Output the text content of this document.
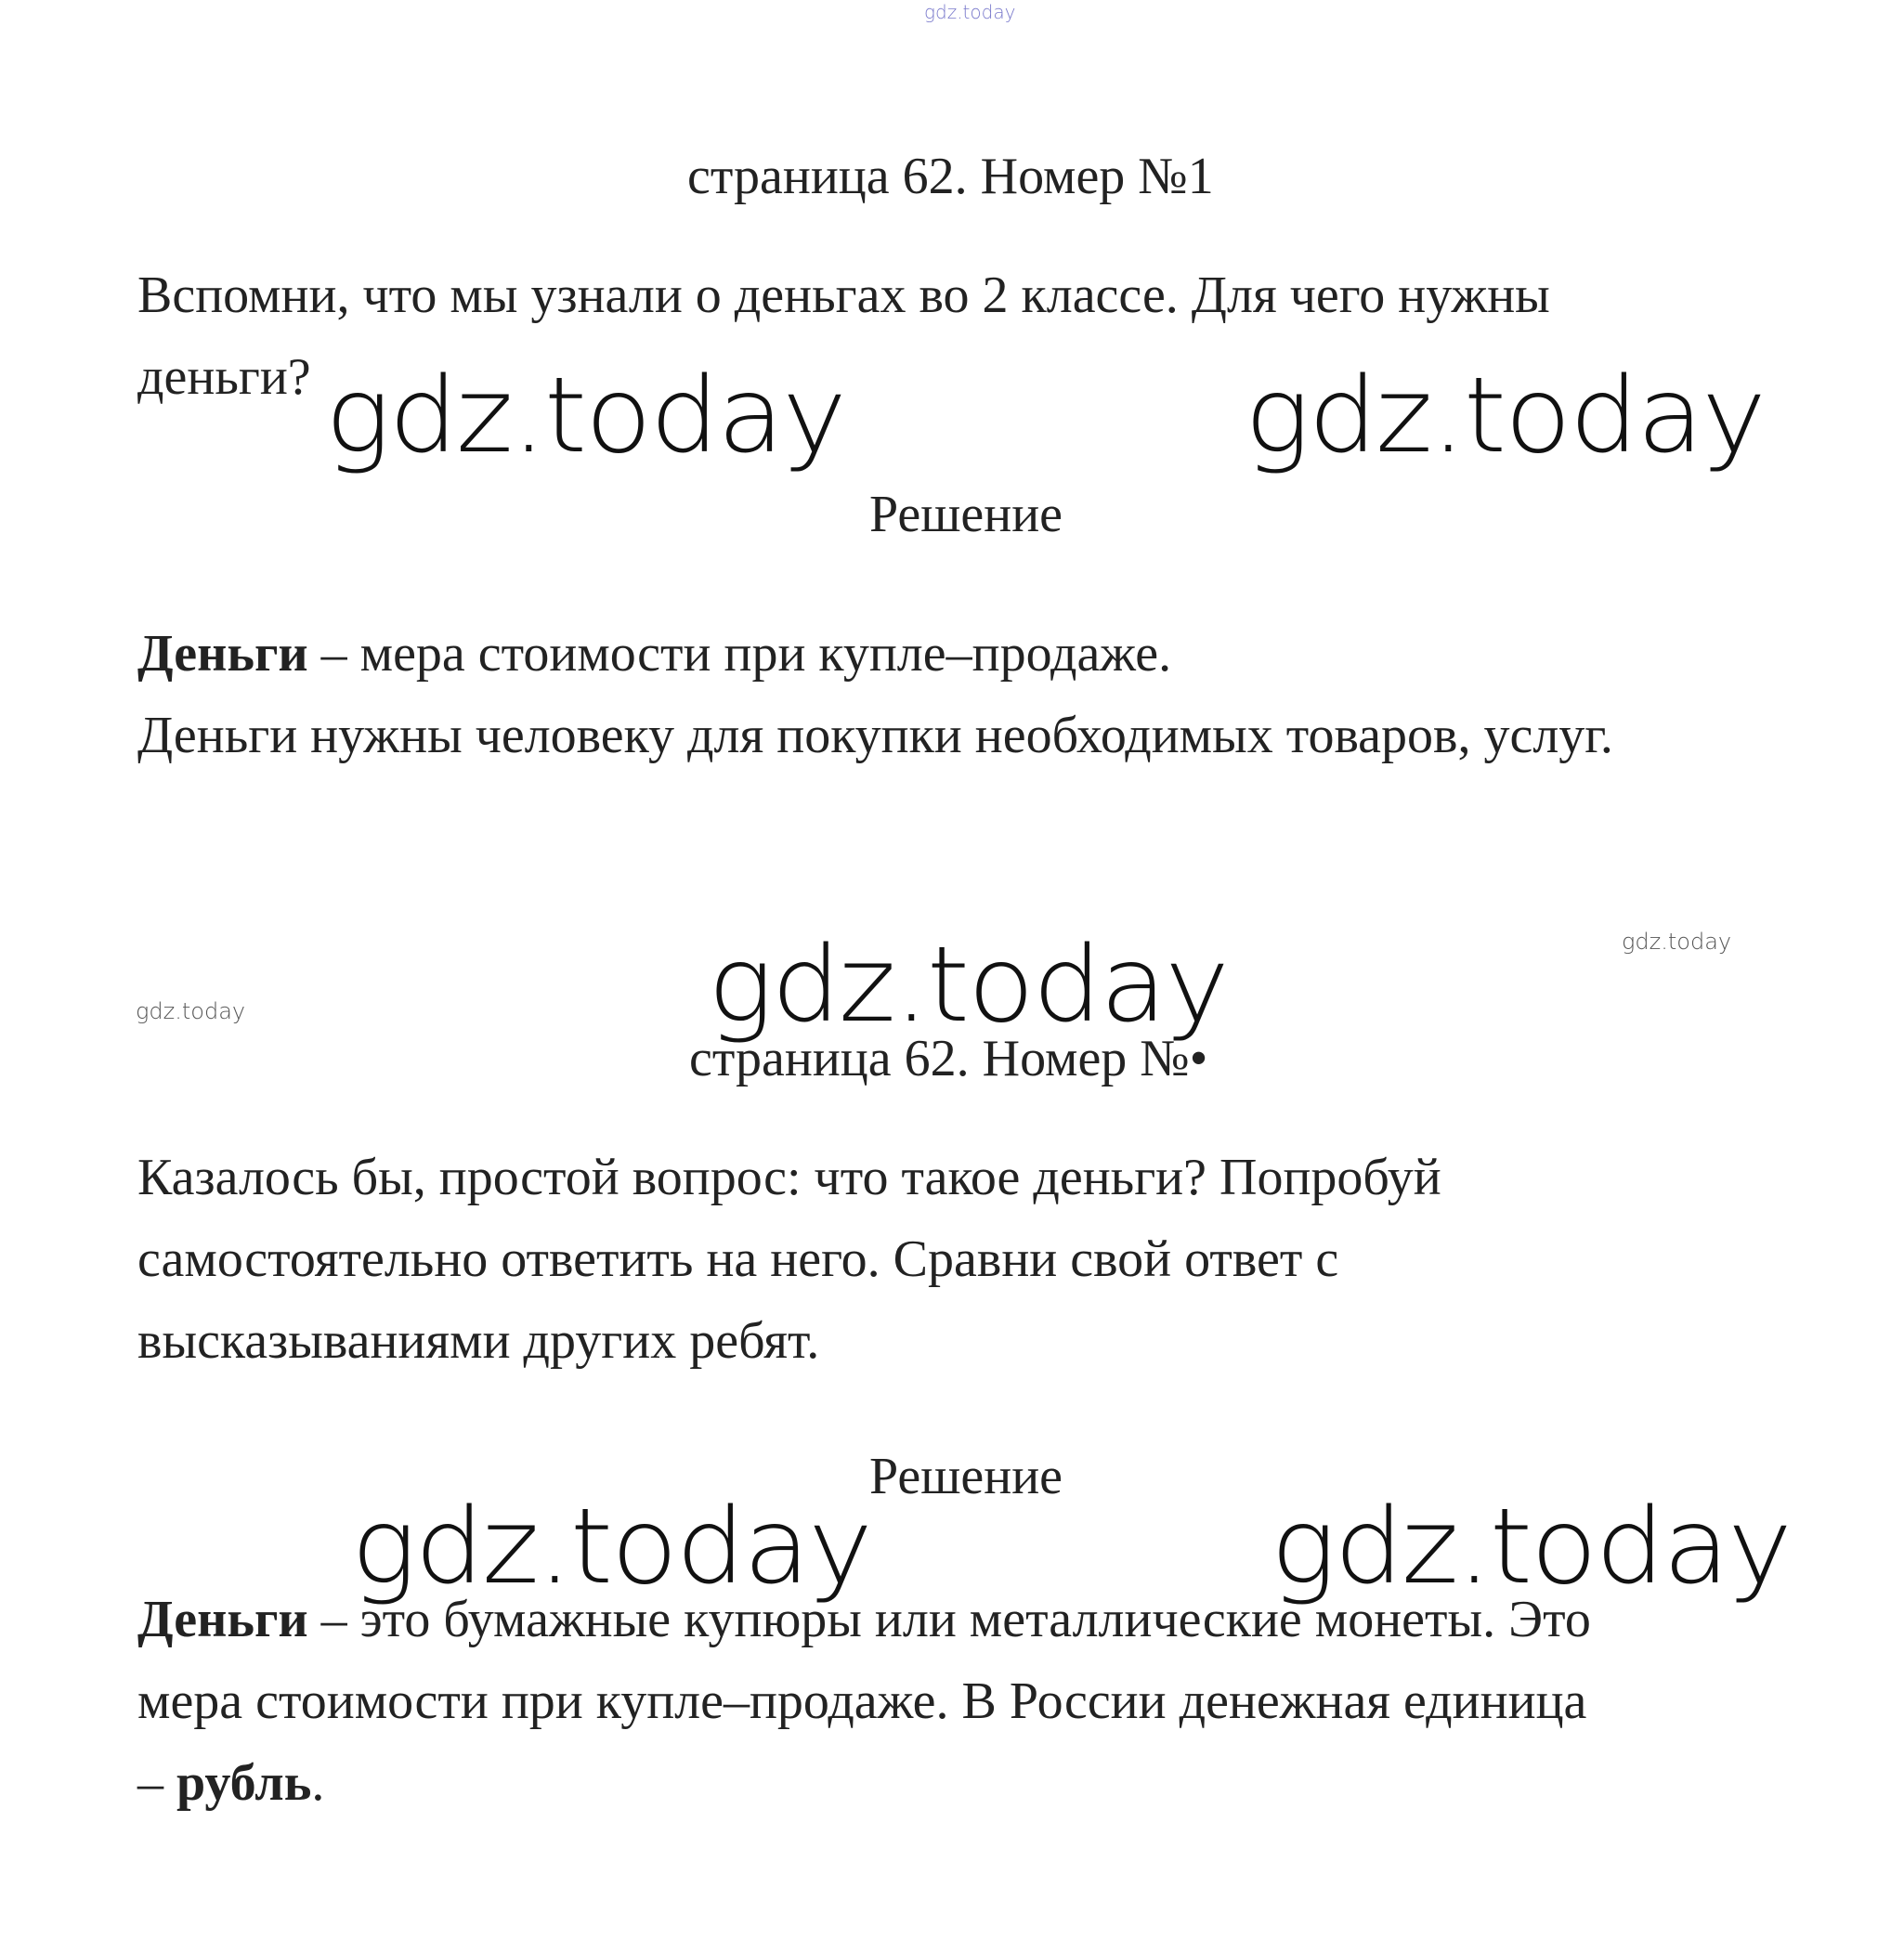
gdz.today
страница 62. Номер №1
Вспомни, что мы узнали о деньгах во 2 классе. Для чего нужны
деньги? gdz.today	gdz.today
Решение
Деньги – мера стоимости при купле–продаже.
Деньги нужны человеку для покупки необходимых товаров, услуг.
gdz.today
gdz.today	gdz.today
страница 62. Номер №•
Казалось бы, простой вопрос: что такое деньги? Попробуй
самостоятельно ответить на него. Сравни свой ответ с
высказываниями других ребят.
Решение
gdz.today	gdz.today
Деньги – это бумажные купюры или металлические монеты. Это
мера стоимости при купле–продаже. В России денежная единица
– рубль.
